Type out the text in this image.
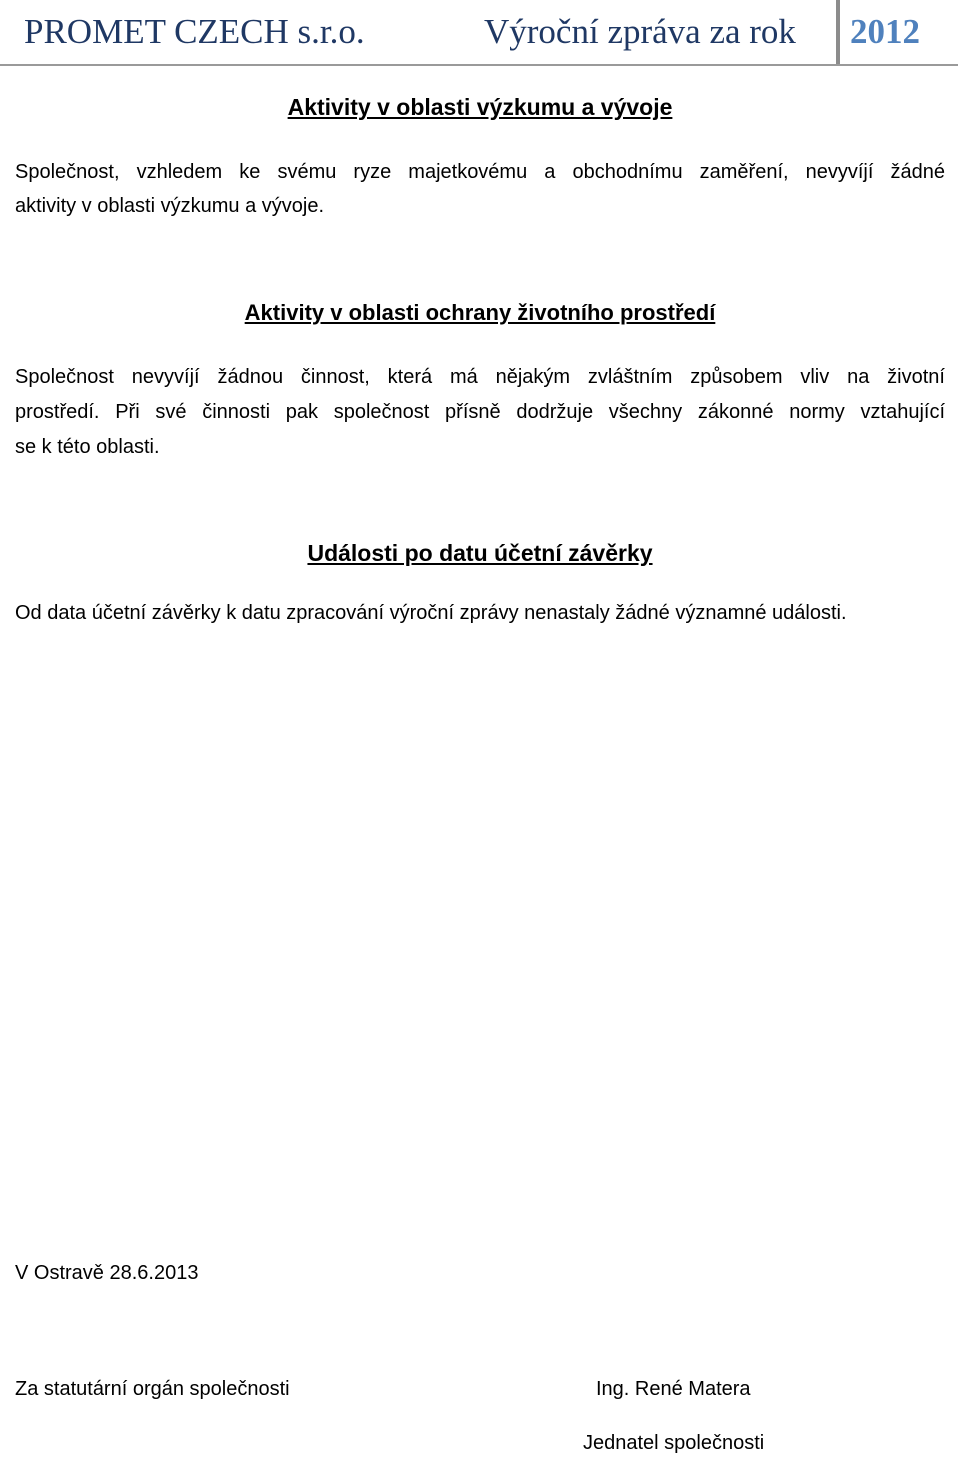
PROMET CZECH s.r.o.	Výroční zpráva za rok 2012
Aktivity v oblasti výzkumu a vývoje
Společnost, vzhledem ke svému ryze majetkovému a obchodnímu zaměření, nevyvíjí žádné
aktivity v oblasti výzkumu a vývoje.
Aktivity v oblasti ochrany životního prostředí
Společnost nevyvíjí žádnou činnost, která má nějakým zvláštním způsobem vliv na životní
prostředí. Při své činnosti pak společnost přísně dodržuje všechny zákonné normy vztahující
se k této oblasti.
Události po datu účetní závěrky
Od data účetní závěrky k datu zpracování výroční zprávy nenastaly žádné významné události.
V Ostravě 28.6.2013
Za statutární orgán společnosti	Ing. René Matera
Jednatel společnosti
